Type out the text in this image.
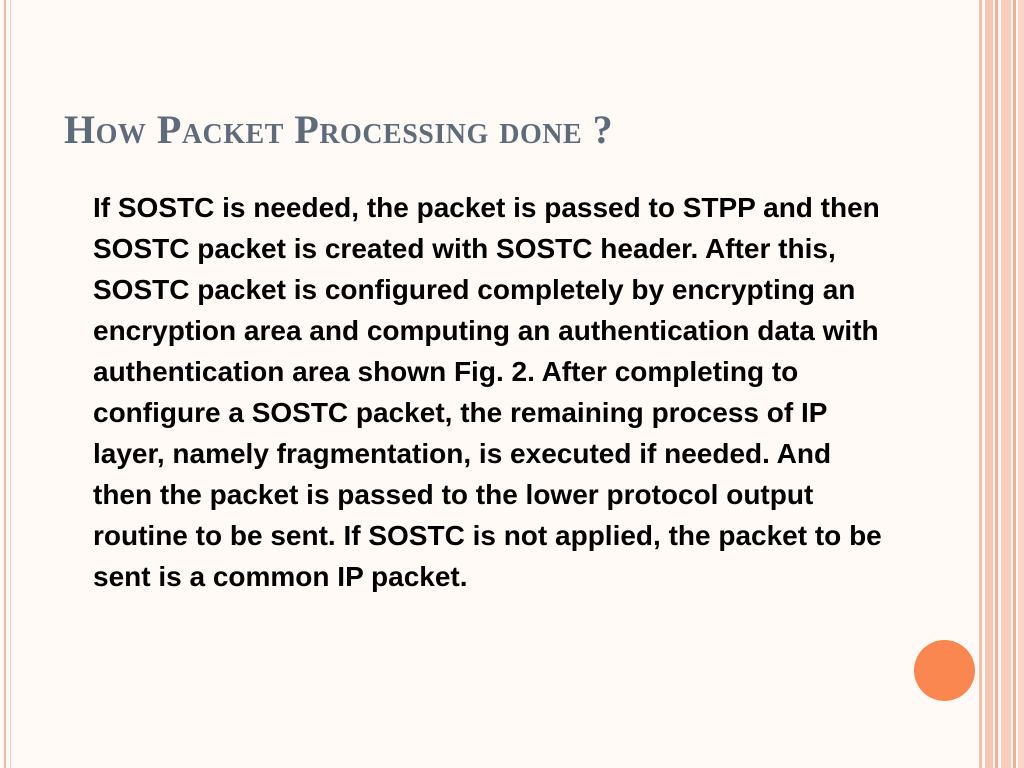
How Packet Processing done ?

If SOSTC is needed, the packet is passed to STPP and then SOSTC packet is created with SOSTC header. After this, SOSTC packet is configured completely by encrypting an encryption area and computing an authentication data with authentication area shown Fig. 2. After completing to configure a SOSTC packet, the remaining process of IP layer, namely fragmentation, is executed if needed. And then the packet is passed to the lower protocol output routine to be sent. If SOSTC is not applied, the packet to be sent is a common IP packet.
